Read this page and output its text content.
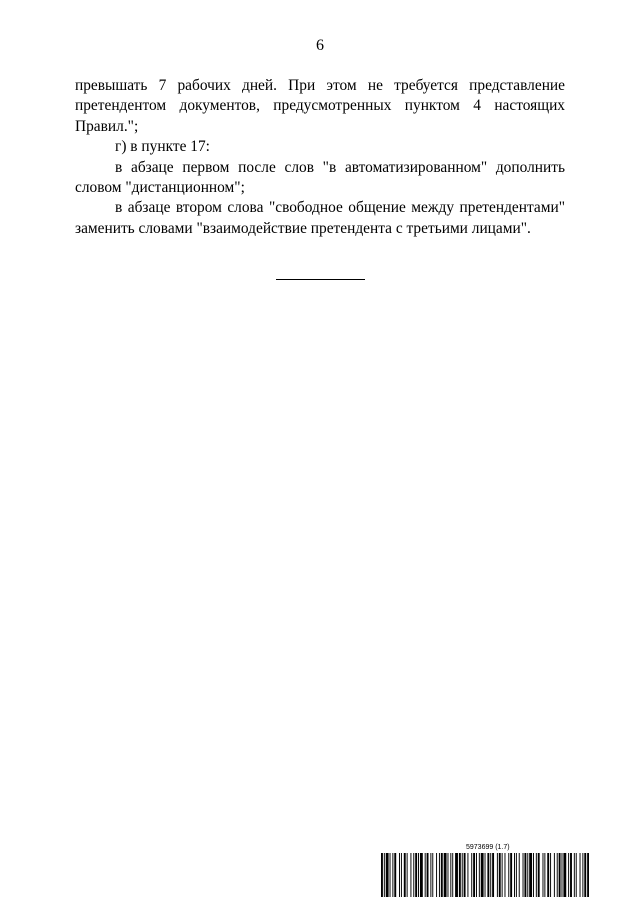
6

превышать 7 рабочих дней. При этом не требуется представление претендентом документов, предусмотренных пунктом 4 настоящих Правил.";

г) в пункте 17:

в абзаце первом после слов "в автоматизированном" дополнить словом "дистанционном";

в абзаце втором слова "свободное общение между претендентами" заменить словами "взаимодействие претендента с третьими лицами".

5973699 (1.7)
